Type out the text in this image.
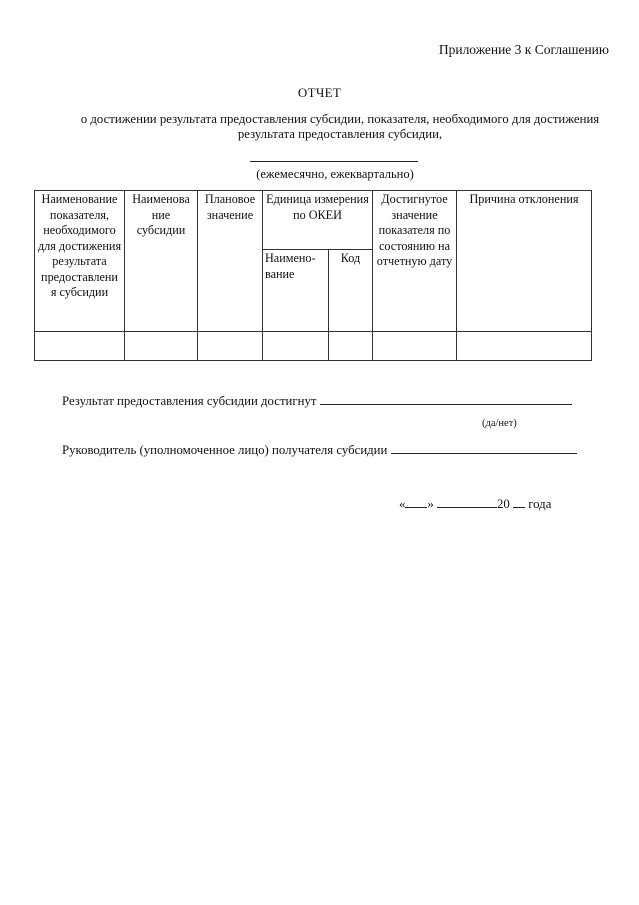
Приложение 3 к Соглашению
ОТЧЕТ
о достижении результата предоставления субсидии, показателя, необходимого для достижения результата предоставления субсидии,
(ежемесячно, ежеквартально)
Наименование показателя, необходимого для достижения результата предоставлени я субсидии	Наименова ние субсидии	Плановое значение	Единица измерения по ОКЕИ		Достигнутое значение показателя по состоянию на отчетную дату	Причина отклонения
			Наимено- вание	Код		

Результат предоставления субсидии достигнут
(да/нет)
Руководитель (уполномоченное лицо) получателя субсидии
« »	20 года
